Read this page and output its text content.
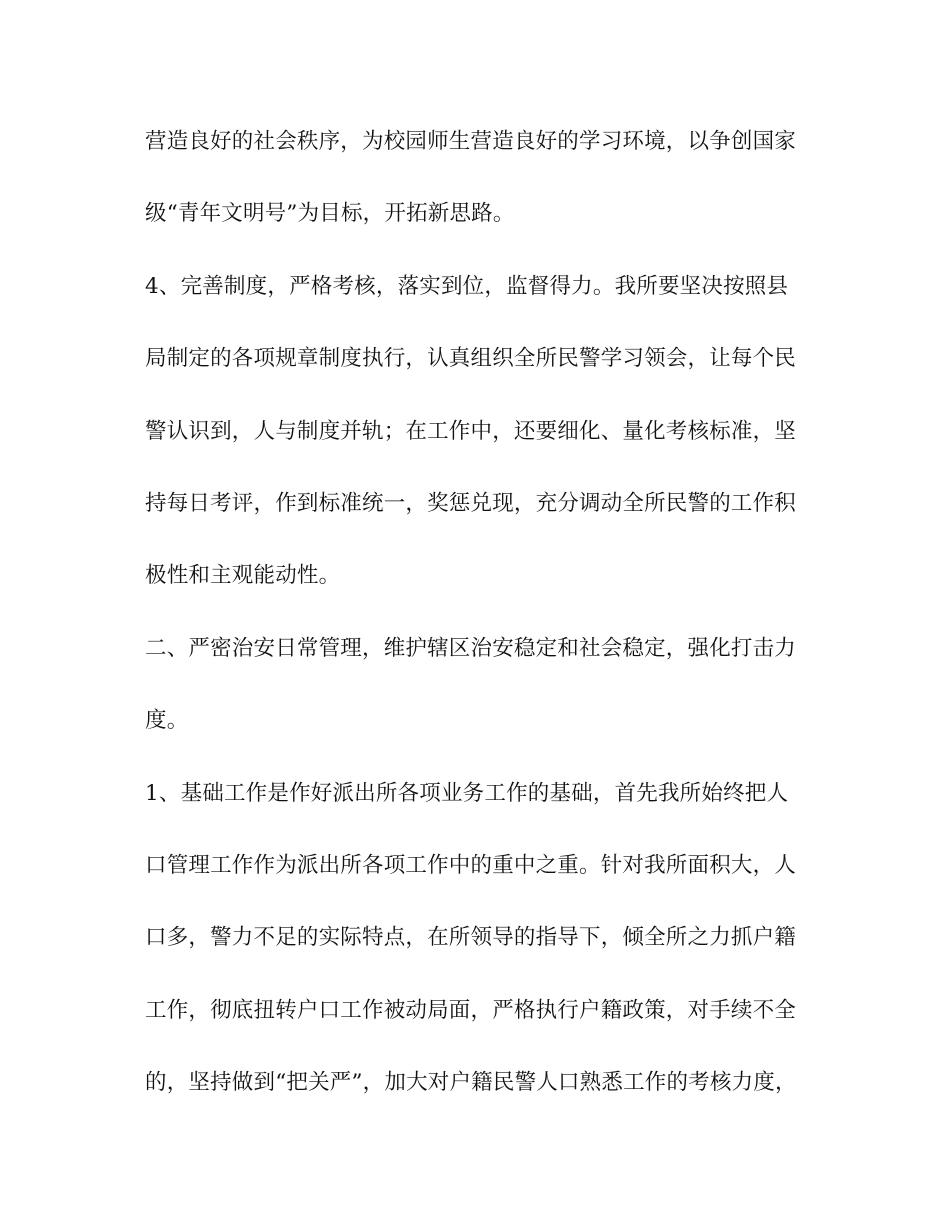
营造良好的社会秩序，为校园师生营造良好的学习环境，以争创国家
级“青年文明号”为目标，开拓新思路。
4、完善制度，严格考核，落实到位，监督得力。我所要坚决按照县
局制定的各项规章制度执行，认真组织全所民警学习领会，让每个民
警认识到，人与制度并轨；在工作中，还要细化、量化考核标准，坚
持每日考评，作到标准统一，奖惩兑现，充分调动全所民警的工作积
极性和主观能动性。
二、严密治安日常管理，维护辖区治安稳定和社会稳定，强化打击力
度。
1、基础工作是作好派出所各项业务工作的基础，首先我所始终把人
口管理工作作为派出所各项工作中的重中之重。针对我所面积大，人
口多，警力不足的实际特点，在所领导的指导下，倾全所之力抓户籍
工作，彻底扭转户口工作被动局面，严格执行户籍政策，对手续不全
的，坚持做到“把关严”，加大对户籍民警人口熟悉工作的考核力度，
